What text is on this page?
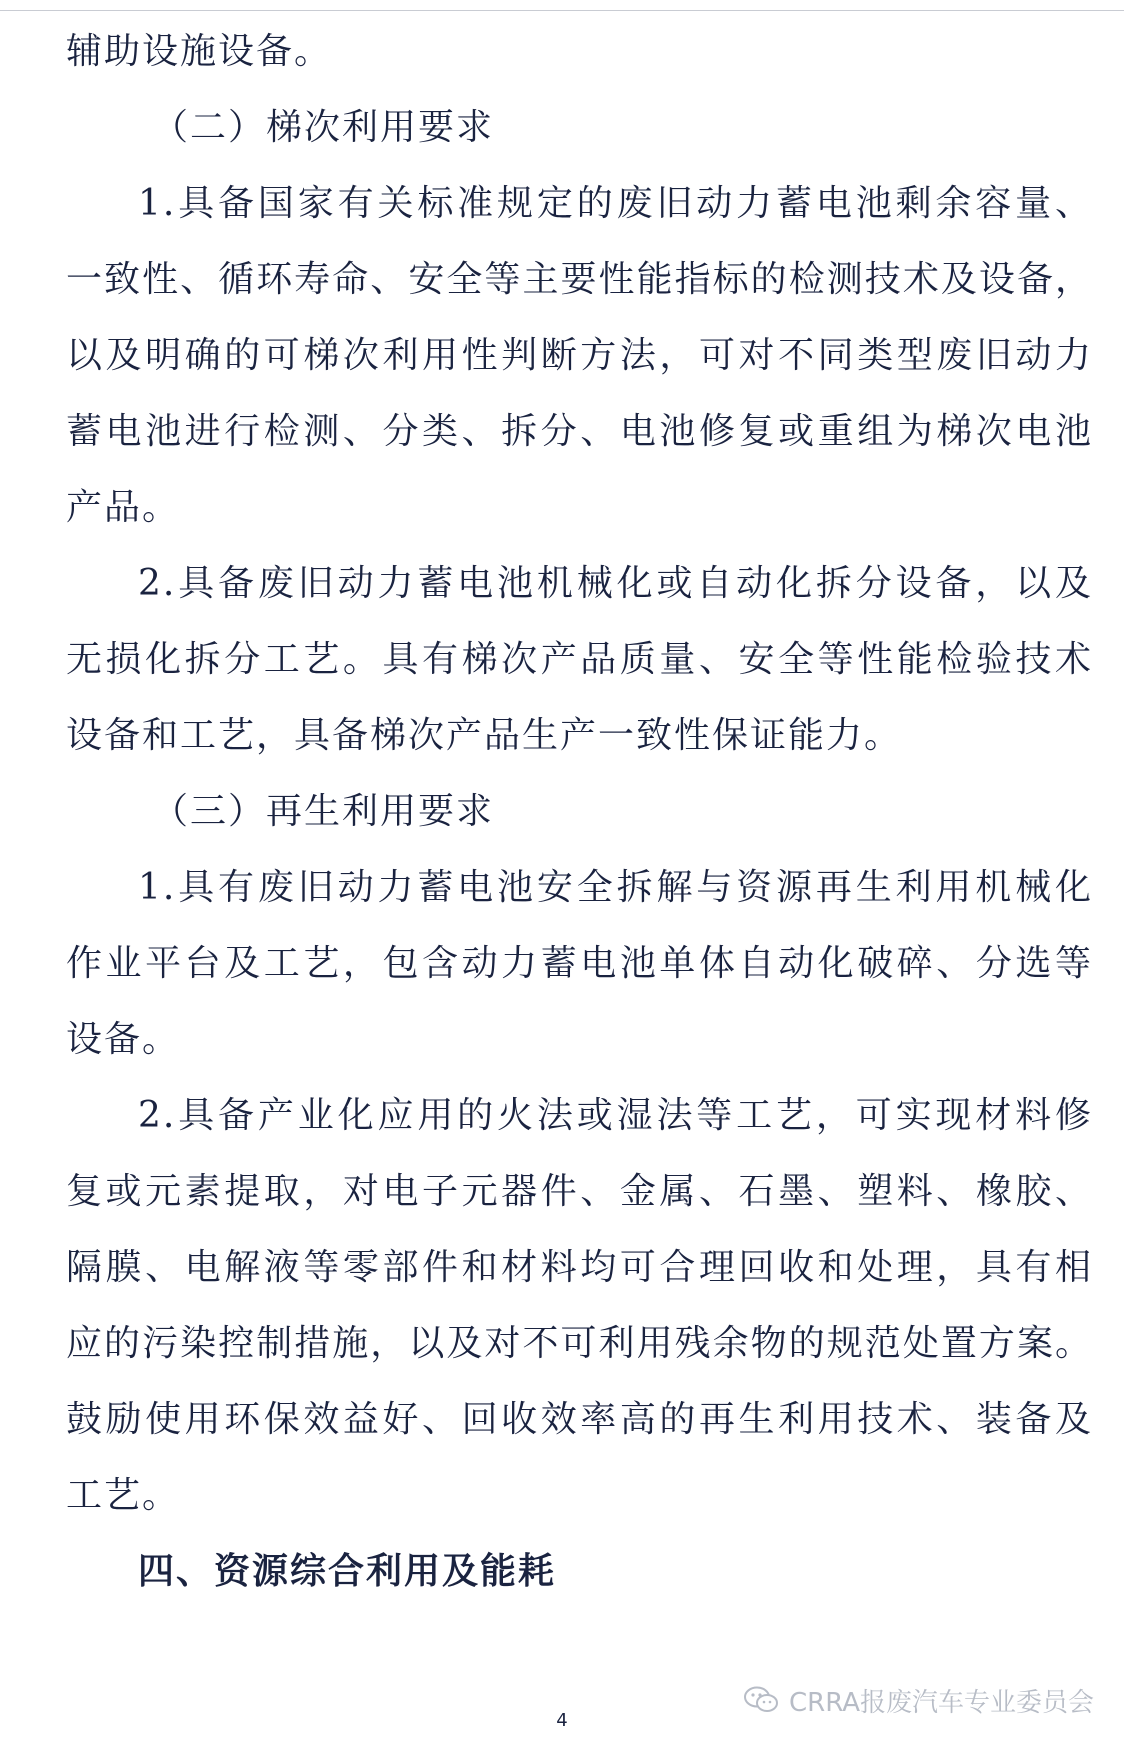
辅助设施设备。
（二）梯次利用要求
1.具备国家有关标准规定的废旧动力蓄电池剩余容量、
一致性、循环寿命、安全等主要性能指标的检测技术及设备，
以及明确的可梯次利用性判断方法，可对不同类型废旧动力
蓄电池进行检测、分类、拆分、电池修复或重组为梯次电池
产品。
2.具备废旧动力蓄电池机械化或自动化拆分设备，以及
无损化拆分工艺。具有梯次产品质量、安全等性能检验技术
设备和工艺，具备梯次产品生产一致性保证能力。
（三）再生利用要求
1.具有废旧动力蓄电池安全拆解与资源再生利用机械化
作业平台及工艺，包含动力蓄电池单体自动化破碎、分选等
设备。
2.具备产业化应用的火法或湿法等工艺，可实现材料修
复或元素提取，对电子元器件、金属、石墨、塑料、橡胶、
隔膜、电解液等零部件和材料均可合理回收和处理，具有相
应的污染控制措施，以及对不可利用残余物的规范处置方案。
鼓励使用环保效益好、回收效率高的再生利用技术、装备及
工艺。
四、资源综合利用及能耗
CRRA报废汽车专业委员会
4
